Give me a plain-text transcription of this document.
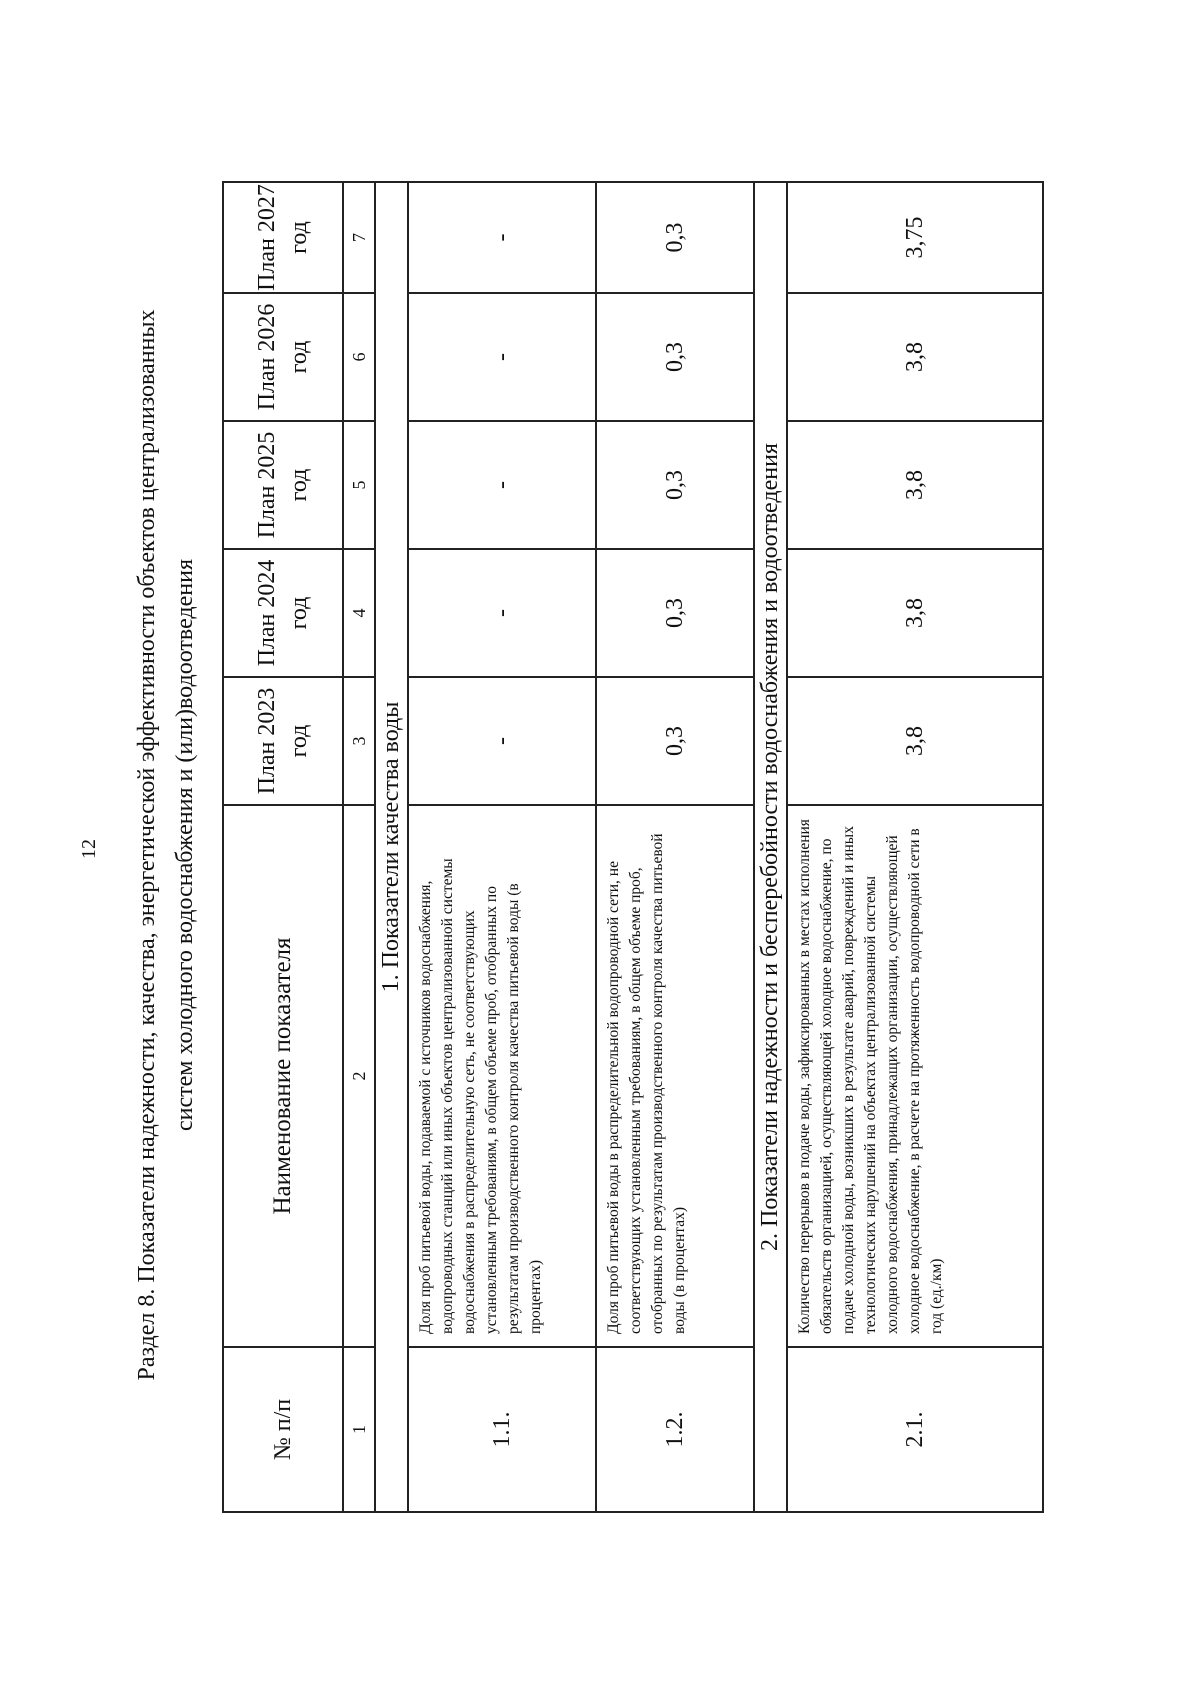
12 Раздел 8. Показатели надежности, качества, энергетической эффективности объектов централизованных систем холодного водоснабжения и (или)водоотведения
№ п/п	Наименование показателя	План 2023 год	План 2024 год	План 2025 год	План 2026 год	План 2027 год
1	2	3	4	5	6	7
1. Показатели качества воды						
1.1.	Доля проб питьевой воды, подаваемой с источников водоснабжения, водопроводных станций или иных объектов централизованной системы водоснабжения в распределительную сеть, не соответствующих установленным требованиям, в общем объеме проб, отобранных по результатам производственного контроля качества питьевой воды (в процентах)	-	-	-	-	-
1.2.	Доля проб питьевой воды в распределительной водопроводной сети, не соответствующих установленным требованиям, в общем объеме проб, отобранных по результатам производственного контроля качества питьевой воды (в процентах)	0,3	0,3	0,3	0,3	0,3
2. Показатели надежности и бесперебойности водоснабжения и водоотведения						
2.1.	Количество перерывов в подаче воды, зафиксированных в местах исполнения обязательств организацией, осуществляющей холодное водоснабжение, по подаче холодной воды, возникших в результате аварий, повреждений и иных технологических нарушений на объектах централизованной системы холодного водоснабжения, принадлежащих организации, осуществляющей холодное водоснабжение, в расчете на протяженность водопроводной сети в год (ед./км)	3,8	3,8	3,8	3,8	3,75
